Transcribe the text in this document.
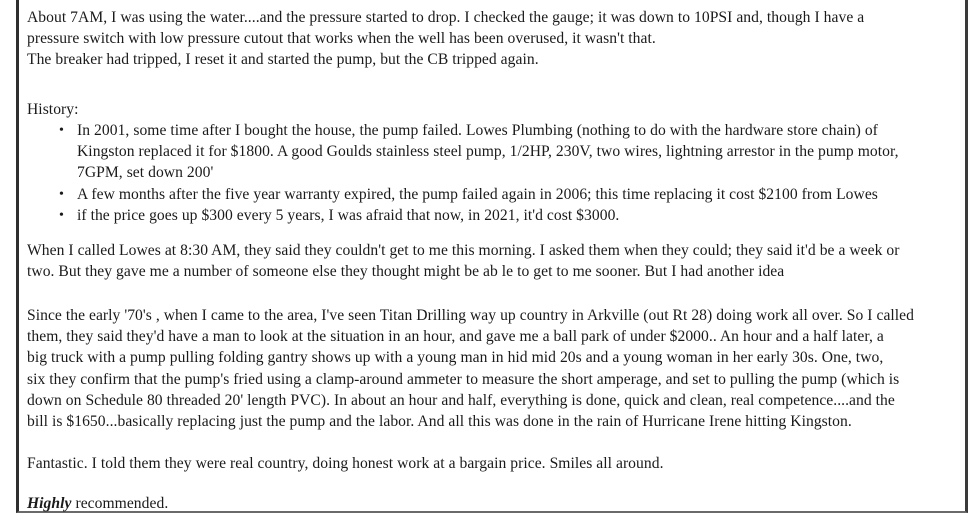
About 7AM, I was using the water....and the pressure started to drop. I checked the gauge; it was down to 10PSI and, though I have a
pressure switch with low pressure cutout that works when the well has been overused, it wasn't that.
The breaker had tripped, I reset it and started the pump, but the CB tripped again.
History:
• In 2001, some time after I bought the house, the pump failed. Lowes Plumbing (nothing to do with the hardware store chain) of
Kingston replaced it for $1800. A good Goulds stainless steel pump, 1/2HP, 230V, two wires, lightning arrestor in the pump motor,
7GPM, set down 200'
• A few months after the five year warranty expired, the pump failed again in 2006; this time replacing it cost $2100 from Lowes
• if the price goes up $300 every 5 years, I was afraid that now, in 2021, it'd cost $3000.
When I called Lowes at 8:30 AM, they said they couldn't get to me this morning. I asked them when they could; they said it'd be a week or
two. But they gave me a number of someone else they thought might be ab le to get to me sooner. But I had another idea
Since the early '70's , when I came to the area, I've seen Titan Drilling way up country in Arkville (out Rt 28) doing work all over. So I called
them, they said they'd have a man to look at the situation in an hour, and gave me a ball park of under $2000.. An hour and a half later, a
big truck with a pump pulling folding gantry shows up with a young man in hid mid 20s and a young woman in her early 30s. One, two,
six they confirm that the pump's fried using a clamp-around ammeter to measure the short amperage, and set to pulling the pump (which is
down on Schedule 80 threaded 20' length PVC). In about an hour and half, everything is done, quick and clean, real competence....and the
bill is $1650...basically replacing just the pump and the labor. And all this was done in the rain of Hurricane Irene hitting Kingston.
Fantastic. I told them they were real country, doing honest work at a bargain price. Smiles all around.
Highly recommended.
